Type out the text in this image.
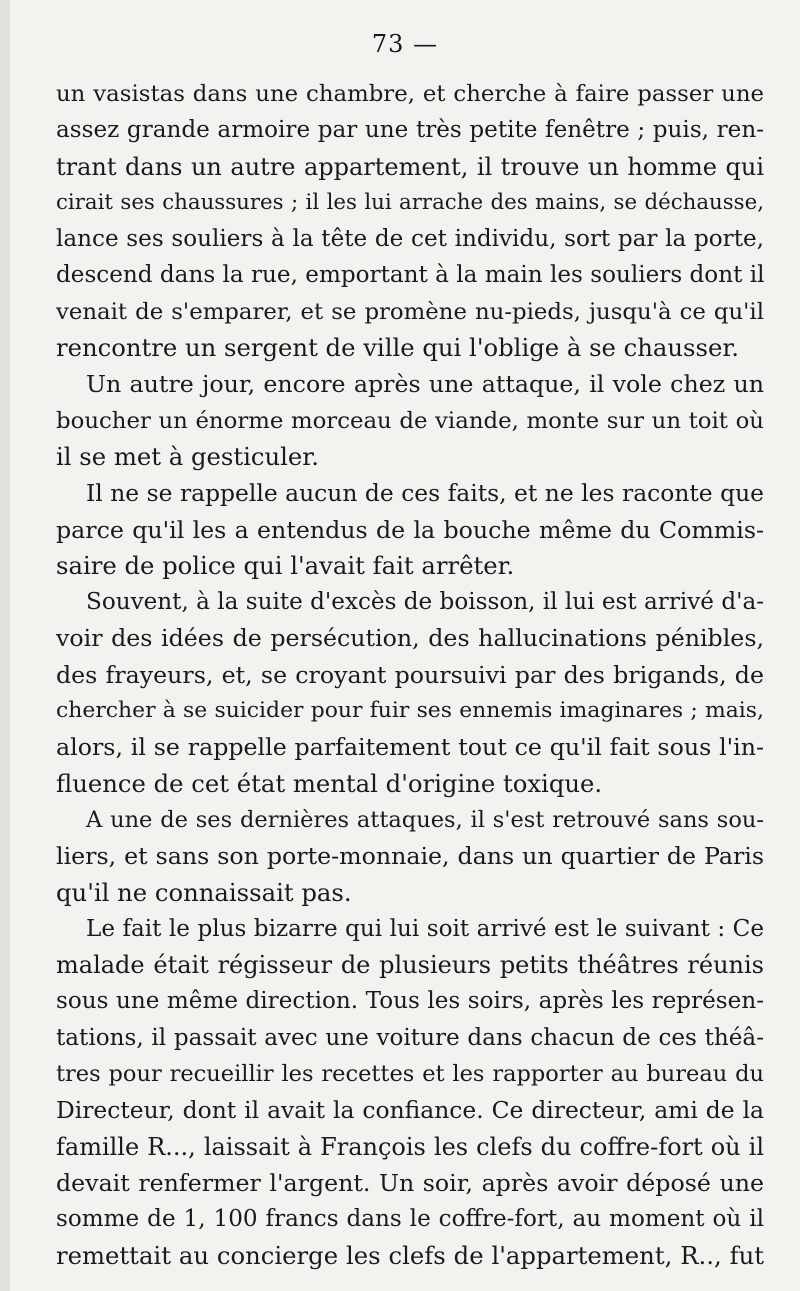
73 —
un vasistas dans une chambre, et cherche à faire passer une
assez grande armoire par une très petite fenêtre ; puis, ren-
trant dans un autre appartement, il trouve un homme qui
cirait ses chaussures ; il les lui arrache des mains, se déchausse,
lance ses souliers à la tête de cet individu, sort par la porte,
descend dans la rue, emportant à la main les souliers dont il
venait de s'emparer, et se promène nu-pieds, jusqu'à ce qu'il
rencontre un sergent de ville qui l'oblige à se chausser.
Un autre jour, encore après une attaque, il vole chez un
boucher un énorme morceau de viande, monte sur un toit où
il se met à gesticuler.
Il ne se rappelle aucun de ces faits, et ne les raconte que
parce qu'il les a entendus de la bouche même du Commis-
saire de police qui l'avait fait arrêter.
Souvent, à la suite d'excès de boisson, il lui est arrivé d'a-
voir des idées de persécution, des hallucinations pénibles,
des frayeurs, et, se croyant poursuivi par des brigands, de
chercher à se suicider pour fuir ses ennemis imaginares ; mais,
alors, il se rappelle parfaitement tout ce qu'il fait sous l'in-
fluence de cet état mental d'origine toxique.
A une de ses dernières attaques, il s'est retrouvé sans sou-
liers, et sans son porte-monnaie, dans un quartier de Paris
qu'il ne connaissait pas.
Le fait le plus bizarre qui lui soit arrivé est le suivant : Ce
malade était régisseur de plusieurs petits théâtres réunis
sous une même direction. Tous les soirs, après les représen-
tations, il passait avec une voiture dans chacun de ces théâ-
tres pour recueillir les recettes et les rapporter au bureau du
Directeur, dont il avait la confiance. Ce directeur, ami de la
famille R..., laissait à François les clefs du coffre-fort où il
devait renfermer l'argent. Un soir, après avoir déposé une
somme de 1, 100 francs dans le coffre-fort, au moment où il
remettait au concierge les clefs de l'appartement, R.., fut
